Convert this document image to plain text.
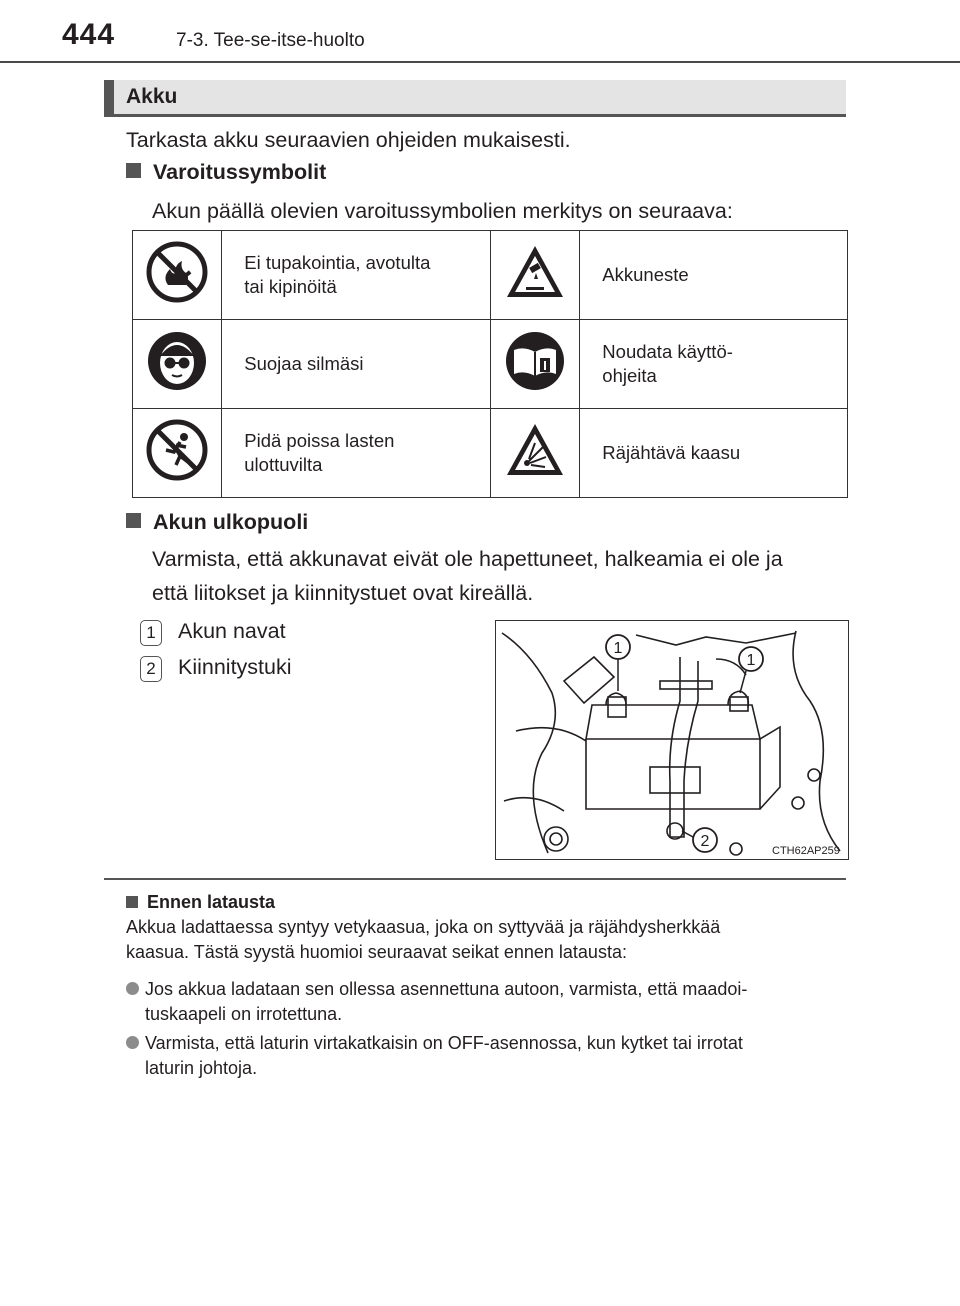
444	7-3. Tee-se-itse-huolto
Akku
Tarkasta akku seuraavien ohjeiden mukaisesti.
Varoitussymbolit
Akun päällä olevien varoitussymbolien merkitys on seuraava:
	Ei tupakointia, avotulta
tai kipinöitä		Akkuneste
	Suojaa silmäsi		Noudata käyttö-
ohjeita
	Pidä poissa lasten
ulottuvilta		Räjähtävä kaasu
Akun ulkopuoli
Varmista, että akkunavat eivät ole hapettuneet, halkeamia ei ole ja
että liitokset ja kiinnitystuet ovat kireällä.
1 Akun navat
2 Kiinnitystuki
1
1
2
CTH62AP259
Ennen latausta
Akkua ladattaessa syntyy vetykaasua, joka on syttyvää ja räjähdysherkkää
kaasua. Tästä syystä huomioi seuraavat seikat ennen latausta:
Jos akkua ladataan sen ollessa asennettuna autoon, varmista, että maadoi-
tuskaapeli on irrotettuna.
Varmista, että laturin virtakatkaisin on OFF-asennossa, kun kytket tai irrotat
laturin johtoja.
